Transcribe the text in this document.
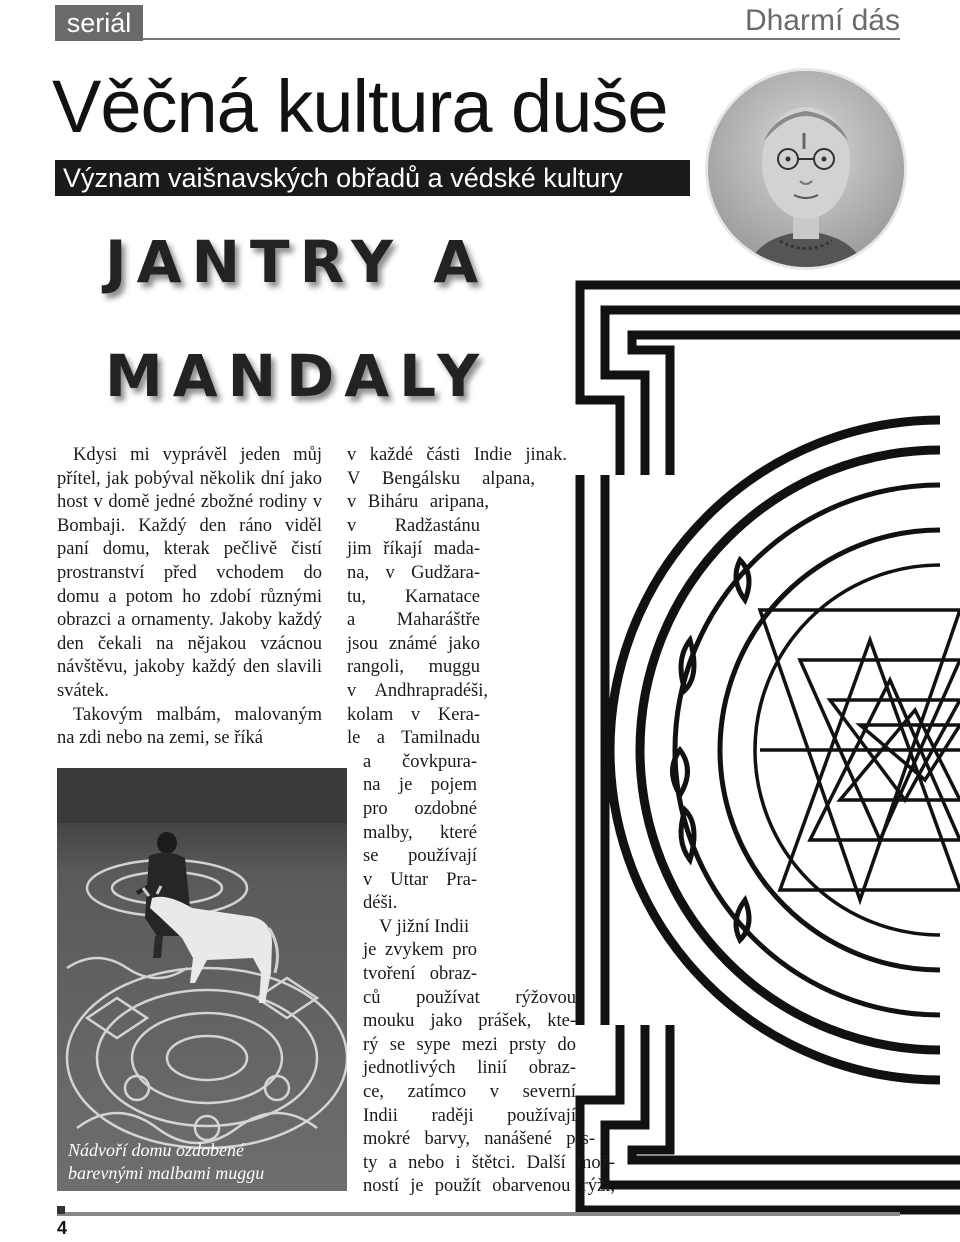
seriál	Dharmí dás
Věčná kultura duše
Význam vaišnavských obřadů a védské kultury
JANTRY A
MANDALY

Kdysi mi vyprávěl jeden můj přítel, jak pobýval několik dní jako host v domě jedné zbožné rodiny v Bombaji. Každý den ráno viděl paní domu, kterak pečlivě čistí prostranství před vchodem do domu a potom ho zdobí různými obrazci a ornamenty. Jakoby každý den čekali na nějakou vzácnou návštěvu, jakoby každý den slavili svátek.

Takovým malbám, malovaným na zdi nebo na zemi, se říká

v každé části Indie jinak.
V Bengálsku alpana,
v Biháru aripana,
v Radžastánu
jim říkají mada-
na, v Gudžara-
tu, Karnatace
a Maharáštře
jsou známé jako
rangoli, muggu
v Andhrapradéši,
kolam v Kera-
le a Tamilnadu
a čovkpura-
na je pojem
pro ozdobné
malby, které
se používají
v Uttar Pra-
déši.
V jižní Indii
je zvykem pro
tvoření obraz-
ců používat rýžovou
mouku jako prášek, kte-
rý se sype mezi prsty do
jednotlivých linií obraz-
ce, zatímco v severní
Indii raději používají
mokré barvy, nanášené prs-
ty a nebo i štětci. Další mož-
ností je použít obarvenou rýži,
Nádvoří domu ozdobené
barevnými malbami muggu
4
